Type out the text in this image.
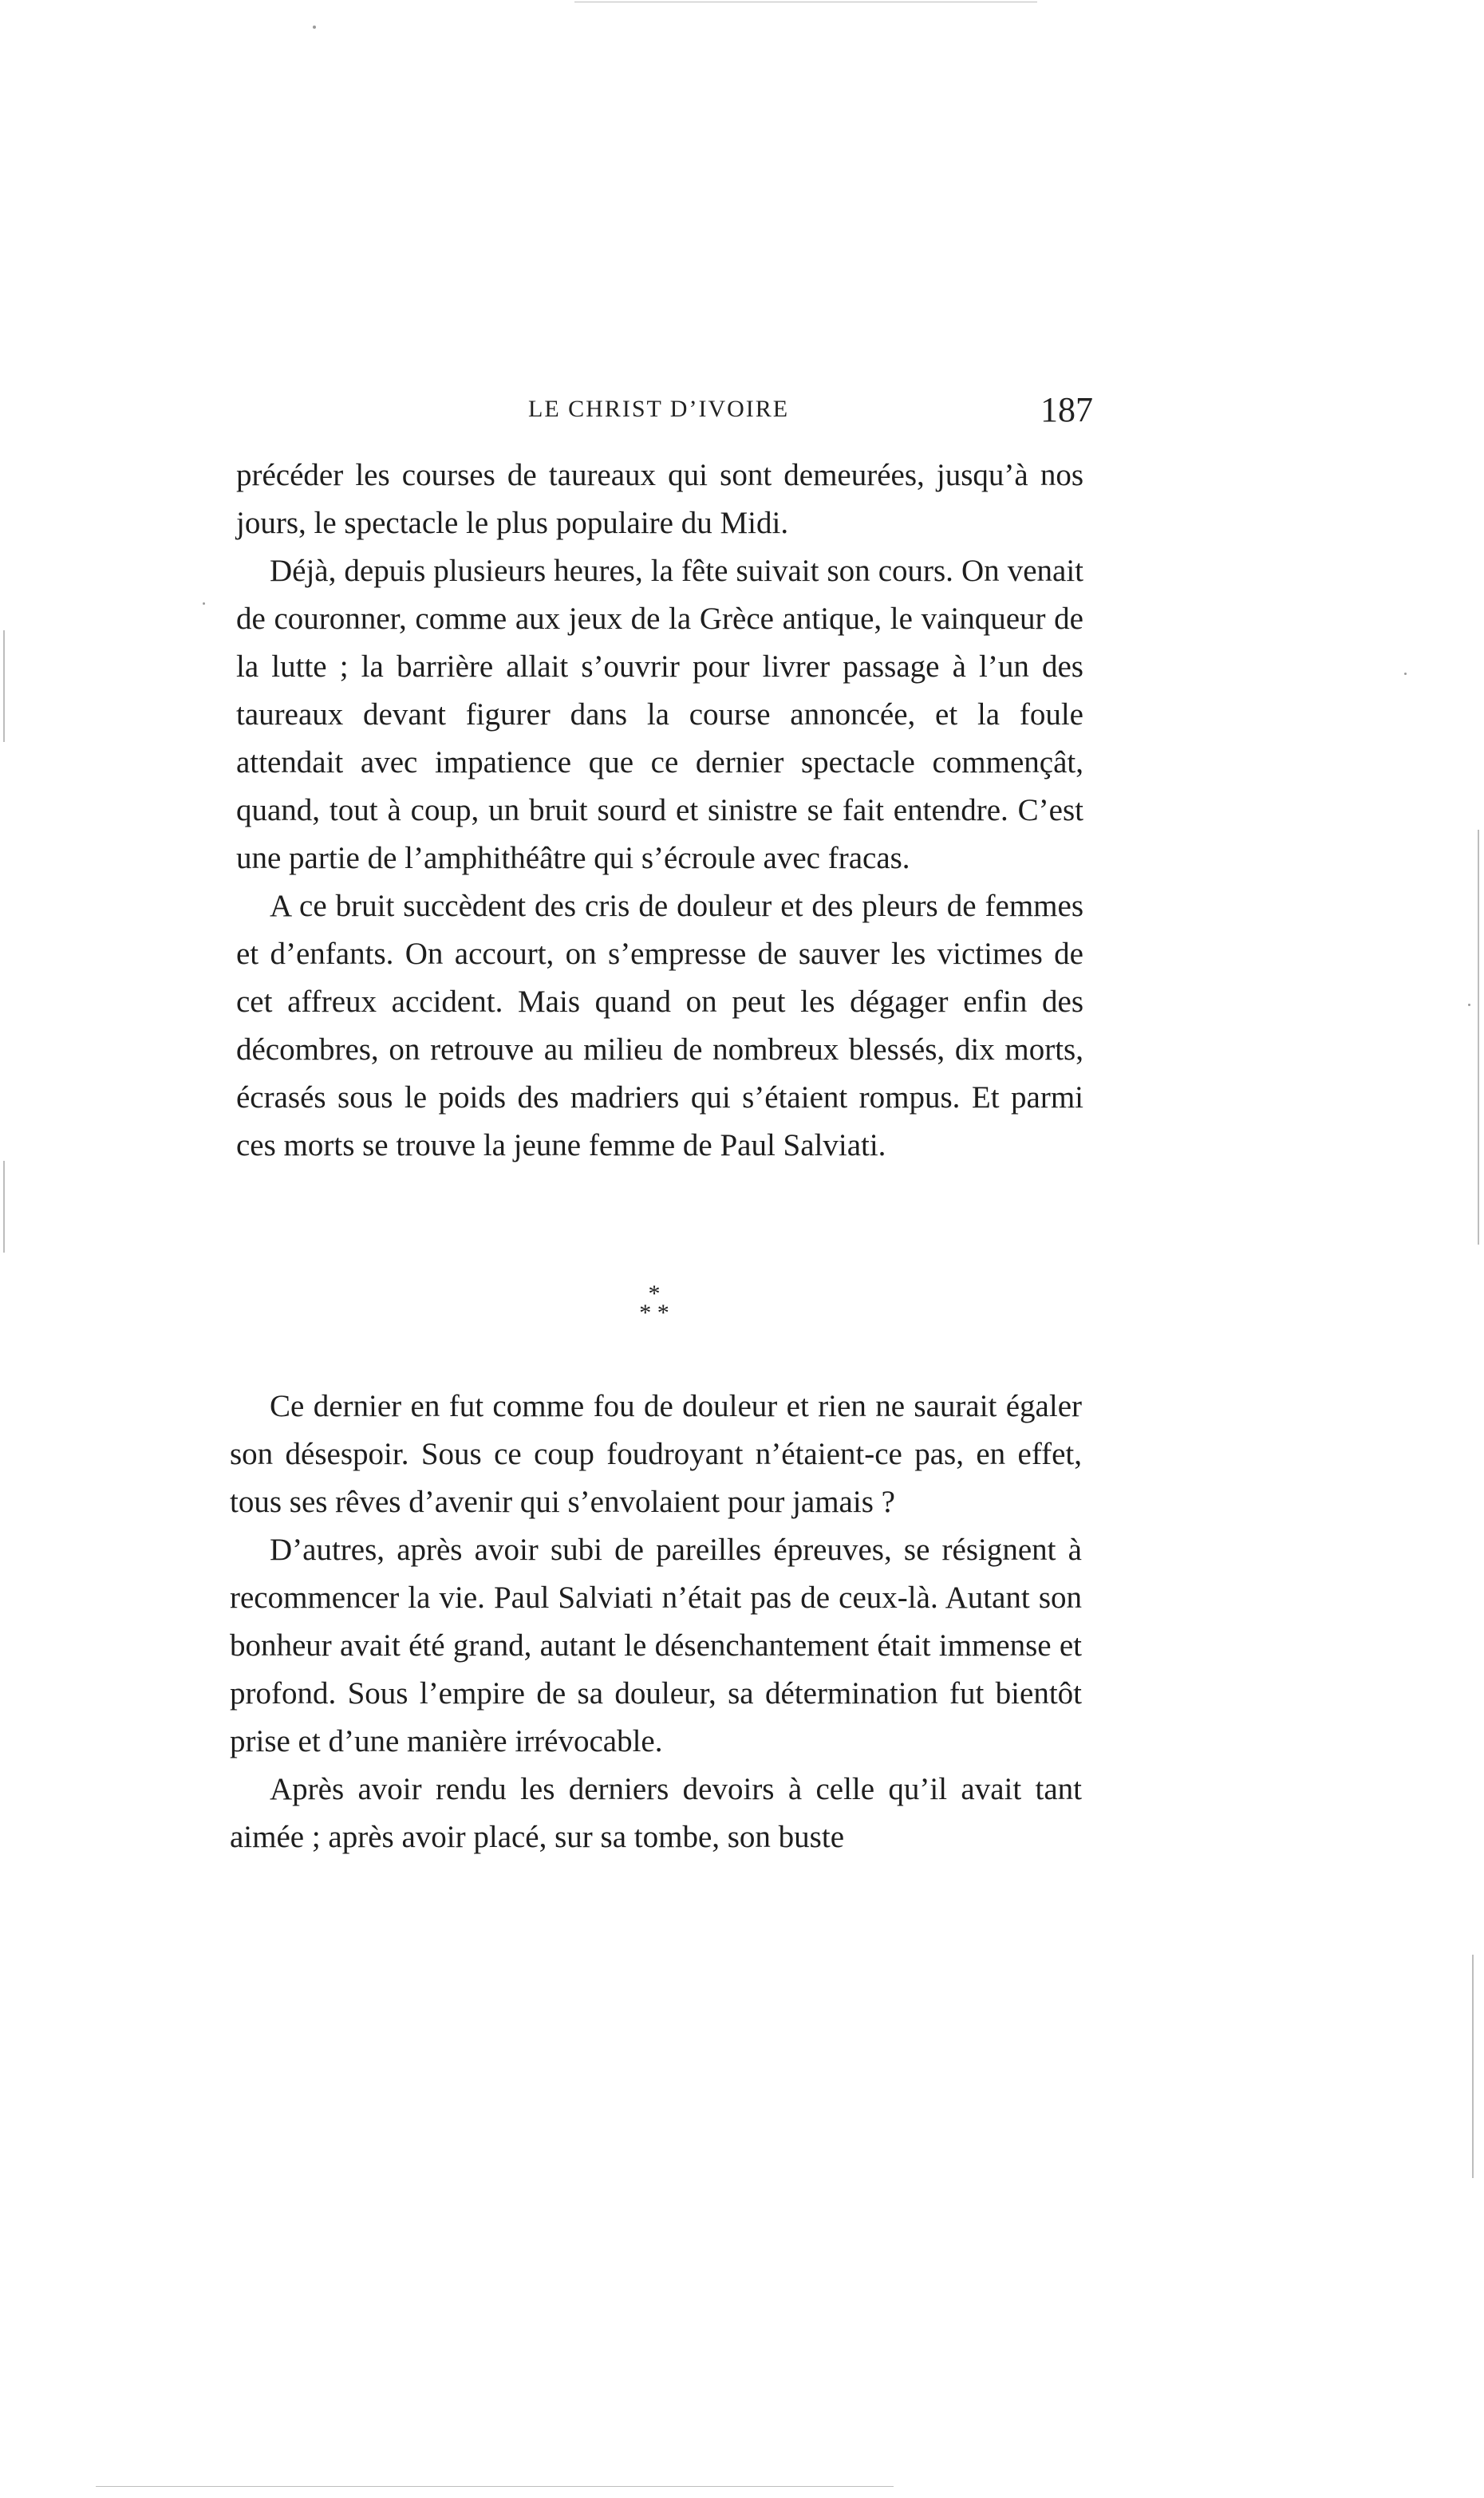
LE CHRIST D’IVOIRE	187

précéder les courses de taureaux qui sont demeurées, jusqu’à nos jours, le spectacle le plus populaire du Midi.

Déjà, depuis plusieurs heures, la fête suivait son cours. On venait de couronner, comme aux jeux de la Grèce antique, le vainqueur de la lutte ; la barrière allait s’ouvrir pour livrer passage à l’un des taureaux devant figurer dans la course annoncée, et la foule attendait avec impatience que ce dernier spectacle commençât, quand, tout à coup, un bruit sourd et sinistre se fait entendre. C’est une partie de l’amphithéâtre qui s’écroule avec fracas.

A ce bruit succèdent des cris de douleur et des pleurs de femmes et d’enfants. On accourt, on s’empresse de sauver les victimes de cet affreux accident. Mais quand on peut les dégager enfin des décombres, on retrouve au milieu de nombreux blessés, dix morts, écrasés sous le poids des madriers qui s’étaient rompus. Et parmi ces morts se trouve la jeune femme de Paul Salviati.

*
* *

Ce dernier en fut comme fou de douleur et rien ne saurait égaler son désespoir. Sous ce coup foudroyant n’étaient-ce pas, en effet, tous ses rêves d’avenir qui s’envolaient pour jamais ?

D’autres, après avoir subi de pareilles épreuves, se résignent à recommencer la vie. Paul Salviati n’était pas de ceux-là. Autant son bonheur avait été grand, autant le désenchantement était immense et profond. Sous l’empire de sa douleur, sa détermination fut bientôt prise et d’une manière irrévocable.

Après avoir rendu les derniers devoirs à celle qu’il avait tant aimée ; après avoir placé, sur sa tombe, son buste
